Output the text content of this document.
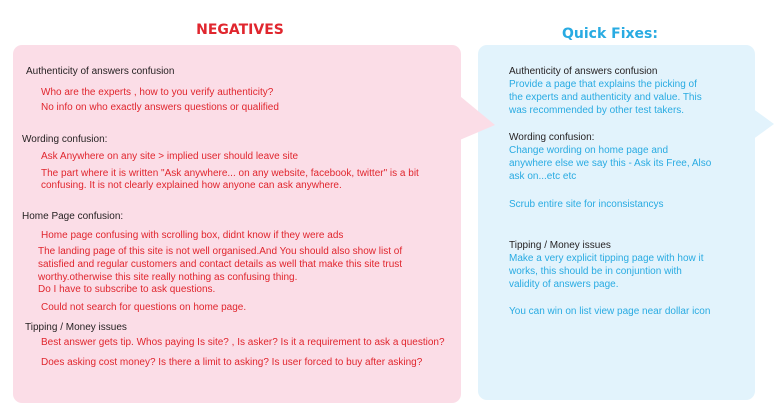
NEGATIVES	Quick Fixes:
Authenticity of answers confusion
Who are the experts , how to you verify authenticity?
No info on who exactly answers questions or qualified
Wording confusion:
Ask Anywhere on any site > implied user should leave site
The part where it is written "Ask anywhere... on any website, facebook, twitter" is a bit
confusing. It is not clearly explained how anyone can ask anywhere.
Home Page confusion:
Home page confusing with scrolling box, didnt know if they were ads
The landing page of this site is not well organised.And You should also show list of
satisfied and regular customers and contact details as well that make this site trust
worthy.otherwise this site really nothing as confusing thing.
Do I have to subscribe to ask questions.
Could not search for questions on home page.
Tipping / Money issues
Best answer gets tip. Whos paying Is site? , Is asker? Is it a requirement to ask a question?
Does asking cost money? Is there a limit to asking? Is user forced to buy after asking?
Authenticity of answers confusion
Provide a page that explains the picking of
the experts and authenticity and value. This
was recommended by other test takers.
Wording confusion:
Change wording on home page and
anywhere else we say this - Ask its Free, Also
ask on...etc etc
Scrub entire site for inconsistancys
Tipping / Money issues
Make a very explicit tipping page with how it
works, this should be in conjuntion with
validity of answers page.
You can win on list view page near dollar icon
